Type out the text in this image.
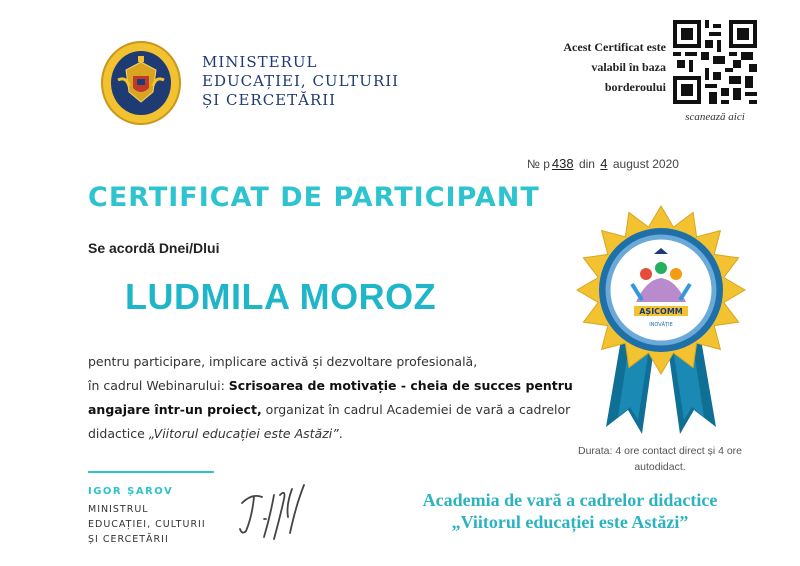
MINISTERUL
EDUCAȚIEI, CULTURII
ȘI CERCETĂRII
Acest Certificat este
valabil în baza
borderoului
scanează aici
№ p 438 din 4 august 2020
CERTIFICAT DE PARTICIPANT
Se acordă Dnei/Dlui
LUDMILA MOROZ
pentru participare, implicare activă și dezvoltare profesională,
în cadrul Webinarului: Scrisoarea de motivație - cheia de succes pentru angajare într-un proiect, organizat în cadrul Academiei de vară a cadrelor didactice „Viitorul educației este Astăzi”.
AȘICOMM
INOVĂȚIE
Durata: 4 ore contact direct și 4 ore autodidact.
IGOR ȘAROV
MINISTRUL
EDUCAȚIEI, CULTURII
ȘI CERCETĂRII
Academia de vară a cadrelor didactice
„Viitorul educației este Astăzi”
